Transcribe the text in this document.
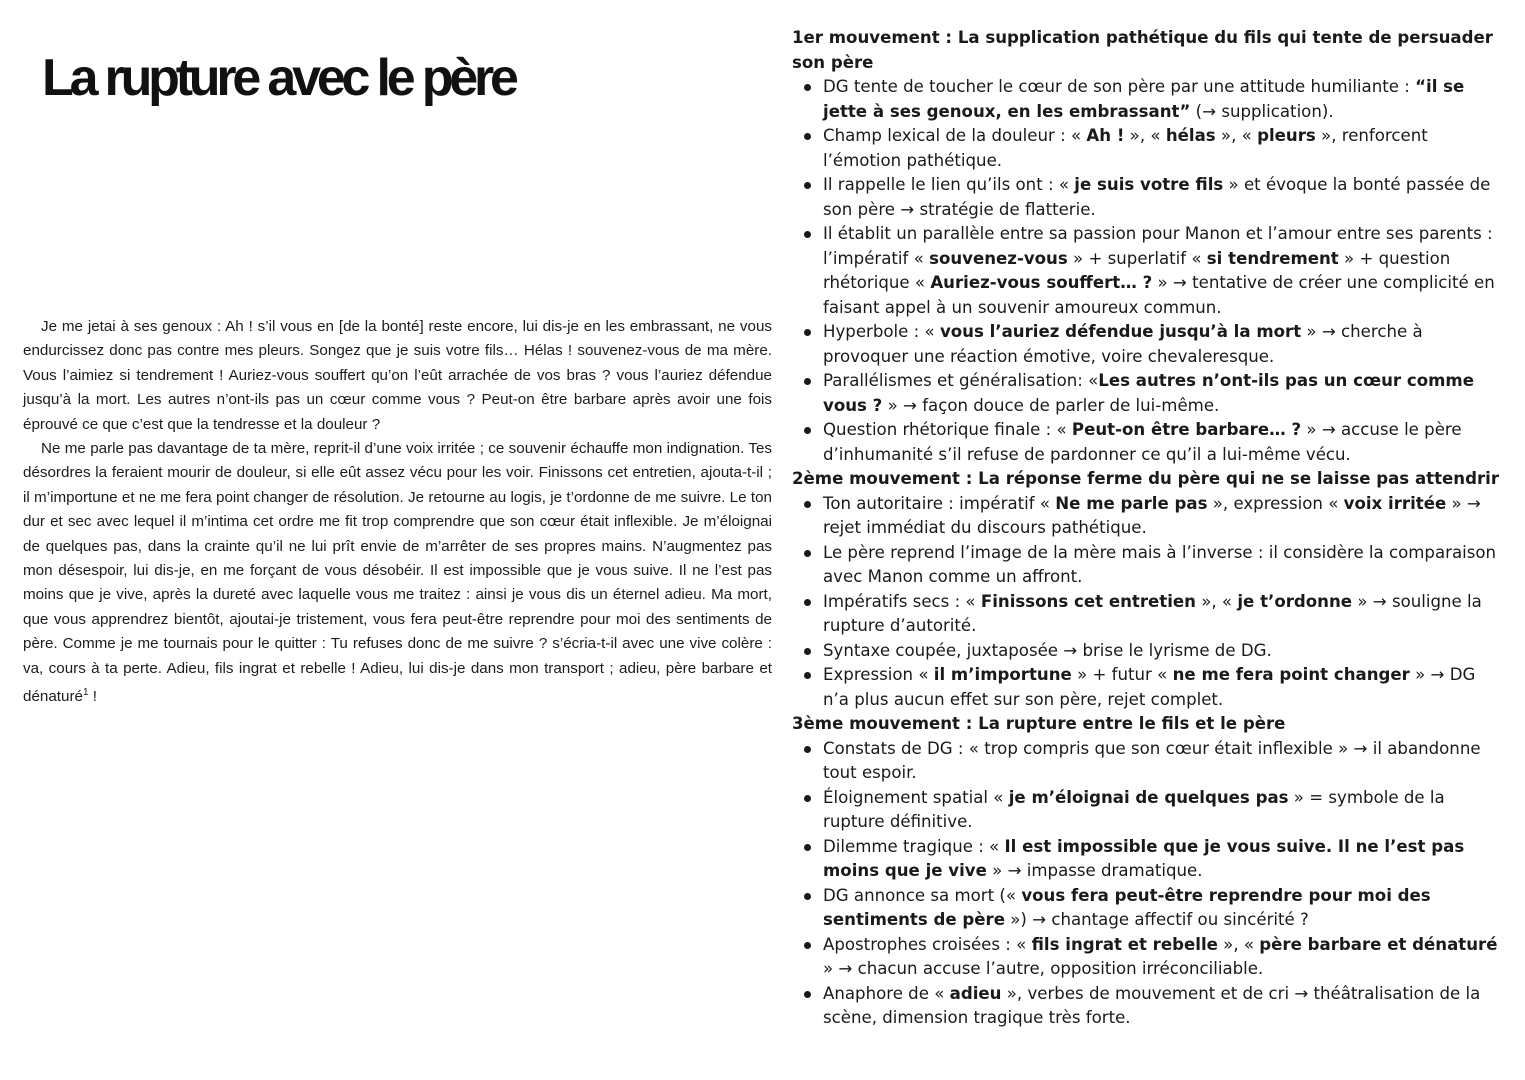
La rupture avec le père

Je me jetai à ses genoux : Ah ! s’il vous en [de la bonté] reste encore, lui dis-je en les embrassant, ne vous endurcissez donc pas contre mes pleurs. Songez que je suis votre fils… Hélas ! souvenez-vous de ma mère. Vous l’aimiez si tendrement ! Auriez-vous souffert qu’on l’eût arrachée de vos bras ? vous l’auriez défendue jusqu’à la mort. Les autres n’ont-ils pas un cœur comme vous ? Peut-on être barbare après avoir une fois éprouvé ce que c’est que la tendresse et la douleur ?

Ne me parle pas davantage de ta mère, reprit-il d’une voix irritée ; ce souvenir échauffe mon indignation. Tes désordres la feraient mourir de douleur, si elle eût assez vécu pour les voir. Finissons cet entretien, ajouta-t-il ; il m’importune et ne me fera point changer de résolution. Je retourne au logis, je t’ordonne de me suivre. Le ton dur et sec avec lequel il m’intima cet ordre me fit trop comprendre que son cœur était inflexible. Je m’éloignai de quelques pas, dans la crainte qu’il ne lui prît envie de m’arrêter de ses propres mains. N’augmentez pas mon désespoir, lui dis-je, en me forçant de vous désobéir. Il est impossible que je vous suive. Il ne l’est pas moins que je vive, après la dureté avec laquelle vous me traitez : ainsi je vous dis un éternel adieu. Ma mort, que vous apprendrez bientôt, ajoutai-je tristement, vous fera peut-être reprendre pour moi des sentiments de père. Comme je me tournais pour le quitter : Tu refuses donc de me suivre ? s’écria-t-il avec une vive colère : va, cours à ta perte. Adieu, fils ingrat et rebelle ! Adieu, lui dis-je dans mon transport ; adieu, père barbare et dénaturé$^1$ !

1er mouvement : La supplication pathétique du fils qui tente de persuader son père
DG tente de toucher le cœur de son père par une attitude humiliante : “il se jette à ses genoux, en les embrassant” (→ supplication).
Champ lexical de la douleur : « Ah ! », « hélas », « pleurs », renforcent l’émotion pathétique.
Il rappelle le lien qu’ils ont : « je suis votre fils » et évoque la bonté passée de son père → stratégie de flatterie.
Il établit un parallèle entre sa passion pour Manon et l’amour entre ses parents : l’impératif « souvenez-vous » + superlatif « si tendrement » + question rhétorique « Auriez-vous souffert… ? » → tentative de créer une complicité en faisant appel à un souvenir amoureux commun.
Hyperbole : « vous l’auriez défendue jusqu’à la mort » → cherche à provoquer une réaction émotive, voire chevaleresque.
Parallélismes et généralisation: «Les autres n’ont-ils pas un cœur comme vous ? » → façon douce de parler de lui-même.
Question rhétorique finale : « Peut-on être barbare… ? » → accuse le père d’inhumanité s’il refuse de pardonner ce qu’il a lui-même vécu.
2ème mouvement : La réponse ferme du père qui ne se laisse pas attendrir
Ton autoritaire : impératif « Ne me parle pas », expression « voix irritée » → rejet immédiat du discours pathétique.
Le père reprend l’image de la mère mais à l’inverse : il considère la comparaison avec Manon comme un affront.
Impératifs secs : « Finissons cet entretien », « je t’ordonne » → souligne la rupture d’autorité.
Syntaxe coupée, juxtaposée → brise le lyrisme de DG.
Expression « il m’importune » + futur « ne me fera point changer » → DG n’a plus aucun effet sur son père, rejet complet.
3ème mouvement : La rupture entre le fils et le père
Constats de DG : « trop compris que son cœur était inflexible » → il abandonne tout espoir.
Éloignement spatial « je m’éloignai de quelques pas » = symbole de la rupture définitive.
Dilemme tragique : « Il est impossible que je vous suive. Il ne l’est pas moins que je vive » → impasse dramatique.
DG annonce sa mort (« vous fera peut-être reprendre pour moi des sentiments de père ») → chantage affectif ou sincérité ?
Apostrophes croisées : « fils ingrat et rebelle », « père barbare et dénaturé » → chacun accuse l’autre, opposition irréconciliable.
Anaphore de « adieu », verbes de mouvement et de cri → théâtralisation de la scène, dimension tragique très forte.
